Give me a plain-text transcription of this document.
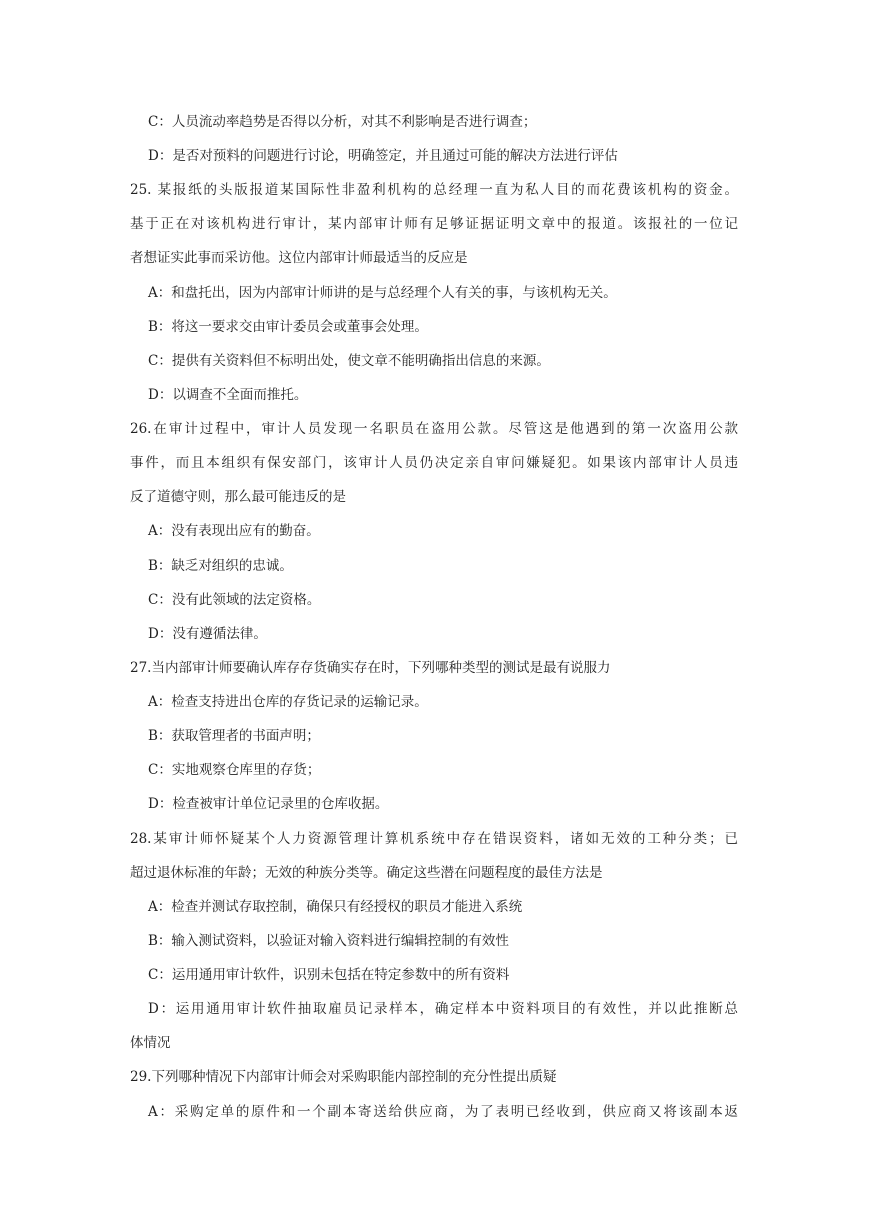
C：人员流动率趋势是否得以分析，对其不利影响是否进行调查；
D：是否对预料的问题进行讨论，明确签定，并且通过可能的解决方法进行评估
25. 某报纸的头版报道某国际性非盈利机构的总经理一直为私人目的而花费该机构的资金。
基于正在对该机构进行审计，某内部审计师有足够证据证明文章中的报道。该报社的一位记
者想证实此事而采访他。这位内部审计师最适当的反应是
A：和盘托出，因为内部审计师讲的是与总经理个人有关的事，与该机构无关。
B：将这一要求交由审计委员会或董事会处理。
C：提供有关资料但不标明出处，使文章不能明确指出信息的来源。
D：以调查不全面而推托。
26.在审计过程中，审计人员发现一名职员在盗用公款。尽管这是他遇到的第一次盗用公款
事件，而且本组织有保安部门，该审计人员仍决定亲自审问嫌疑犯。如果该内部审计人员违
反了道德守则，那么最可能违反的是
A：没有表现出应有的勤奋。
B：缺乏对组织的忠诚。
C：没有此领域的法定资格。
D：没有遵循法律。
27.当内部审计师要确认库存存货确实存在时，下列哪种类型的测试是最有说服力
A：检查支持进出仓库的存货记录的运输记录。
B：获取管理者的书面声明；
C：实地观察仓库里的存货；
D：检查被审计单位记录里的仓库收据。
28.某审计师怀疑某个人力资源管理计算机系统中存在错误资料，诸如无效的工种分类；已
超过退休标准的年龄；无效的种族分类等。确定这些潜在问题程度的最佳方法是
A：检查并测试存取控制，确保只有经授权的职员才能进入系统
B：输入测试资料，以验证对输入资料进行编辑控制的有效性
C：运用通用审计软件，识别未包括在特定参数中的所有资料
D：运用通用审计软件抽取雇员记录样本，确定样本中资料项目的有效性，并以此推断总
体情况
29.下列哪种情况下内部审计师会对采购职能内部控制的充分性提出质疑
A：采购定单的原件和一个副本寄送给供应商，为了表明已经收到，供应商又将该副本返
